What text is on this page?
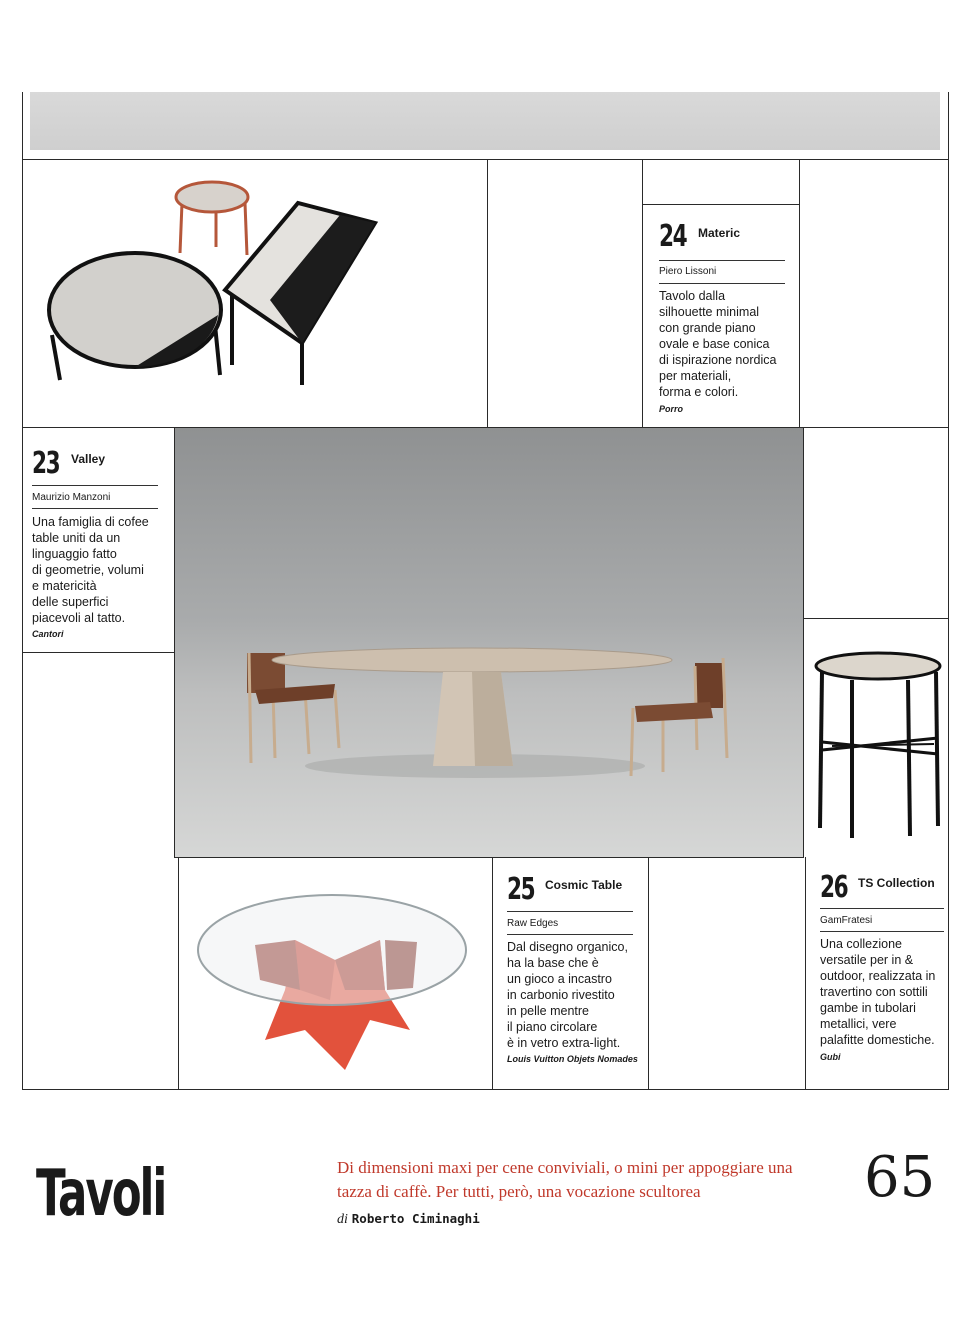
24 Materic
Piero Lissoni
Tavolo dalla
silhouette minimal
con grande piano
ovale e base conica
di ispirazione nordica
per materiali,
forma e colori.
Porro
23 Valley
Maurizio Manzoni
Una famiglia di cofee
table uniti da un
linguaggio fatto
di geometrie, volumi
e matericità
delle superfici
piacevoli al tatto.
Cantori
25 Cosmic Table
Raw Edges
Dal disegno organico,
ha la base che è
un gioco a incastro
in carbonio rivestito
in pelle mentre
il piano circolare
è in vetro extra-light.
Louis Vuitton Objets Nomades
26 TS Collection
GamFratesi
Una collezione
versatile per in &
outdoor, realizzata in
travertino con sottili
gambe in tubolari
metallici, vere
palafitte domestiche.
Gubi
Tavoli	Di dimensioni maxi per cene conviviali, o mini per appoggiare una tazza di caffè. Per tutti, però, una vocazione scultorea
di Roberto Ciminaghi
65
